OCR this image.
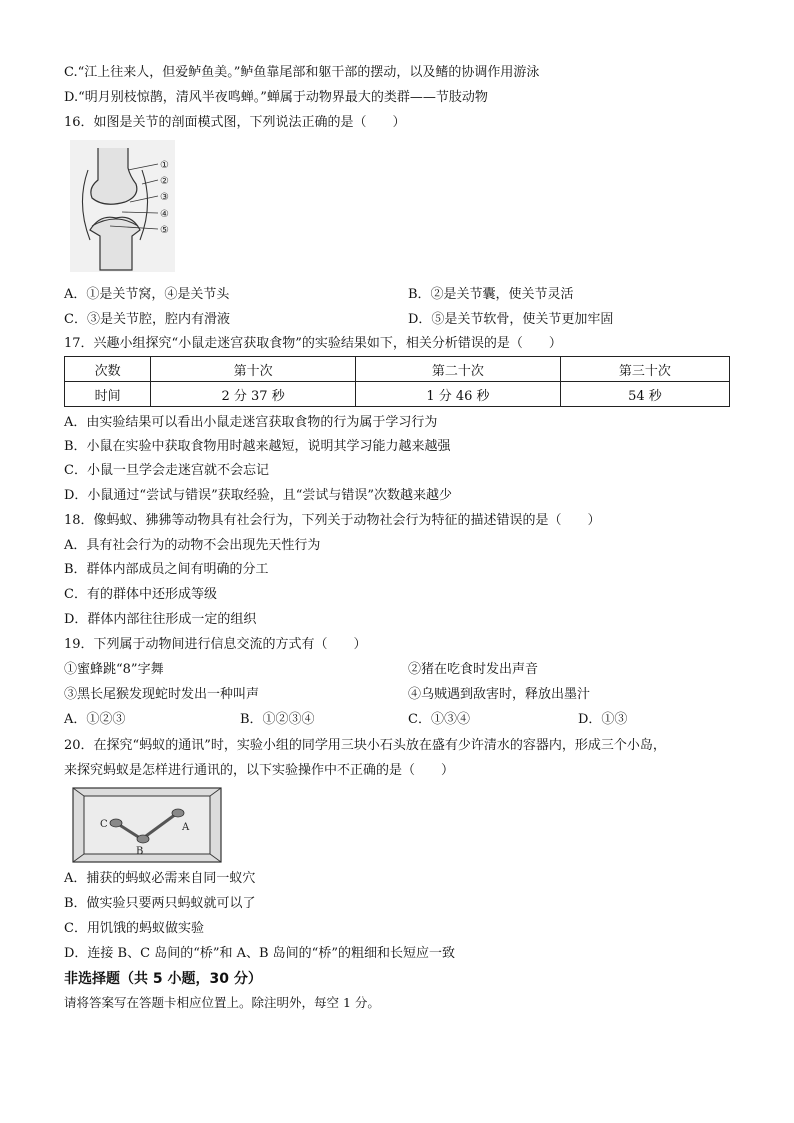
C.“江上往来人，但爱鲈鱼美。”鲈鱼靠尾部和躯干部的摆动，以及鳍的协调作用游泳
D.“明月别枝惊鹊，清风半夜鸣蝉。”蝉属于动物界最大的类群——节肢动物
16．如图是关节的剖面模式图，下列说法正确的是（　　）
①
②
③
④
⑤
A．①是关节窝，④是关节头	B．②是关节囊，使关节灵活
C．③是关节腔，腔内有滑液	D．⑤是关节软骨，使关节更加牢固
17．兴趣小组探究“小鼠走迷宫获取食物”的实验结果如下，相关分析错误的是（　　）
次数	第十次	第二十次	第三十次
时间	2 分 37 秒	1 分 46 秒	54 秒
A．由实验结果可以看出小鼠走迷宫获取食物的行为属于学习行为
B．小鼠在实验中获取食物用时越来越短，说明其学习能力越来越强
C．小鼠一旦学会走迷宫就不会忘记
D．小鼠通过“尝试与错误”获取经验，且“尝试与错误”次数越来越少
18．像蚂蚁、狒狒等动物具有社会行为，下列关于动物社会行为特征的描述错误的是（　　）
A．具有社会行为的动物不会出现先天性行为
B．群体内部成员之间有明确的分工
C．有的群体中还形成等级
D．群体内部往往形成一定的组织
19．下列属于动物间进行信息交流的方式有（　　）
①蜜蜂跳“8”字舞	②猪在吃食时发出声音
③黑长尾猴发现蛇时发出一种叫声	④乌贼遇到敌害时，释放出墨汁
A．①②③	B．①②③④	C．①③④	D．①③
20．在探究“蚂蚁的通讯”时，实验小组的同学用三块小石头放在盛有少许清水的容器内，形成三个小岛，
来探究蚂蚁是怎样进行通讯的，以下实验操作中不正确的是（　　）
C
B
A
A．捕获的蚂蚁必需来自同一蚁穴
B．做实验只要两只蚂蚁就可以了
C．用饥饿的蚂蚁做实验
D．连接 B、C 岛间的“桥”和 A、B 岛间的“桥”的粗细和长短应一致
非选择题（共 5 小题，30 分）
请将答案写在答题卡相应位置上。除注明外，每空 1 分。
